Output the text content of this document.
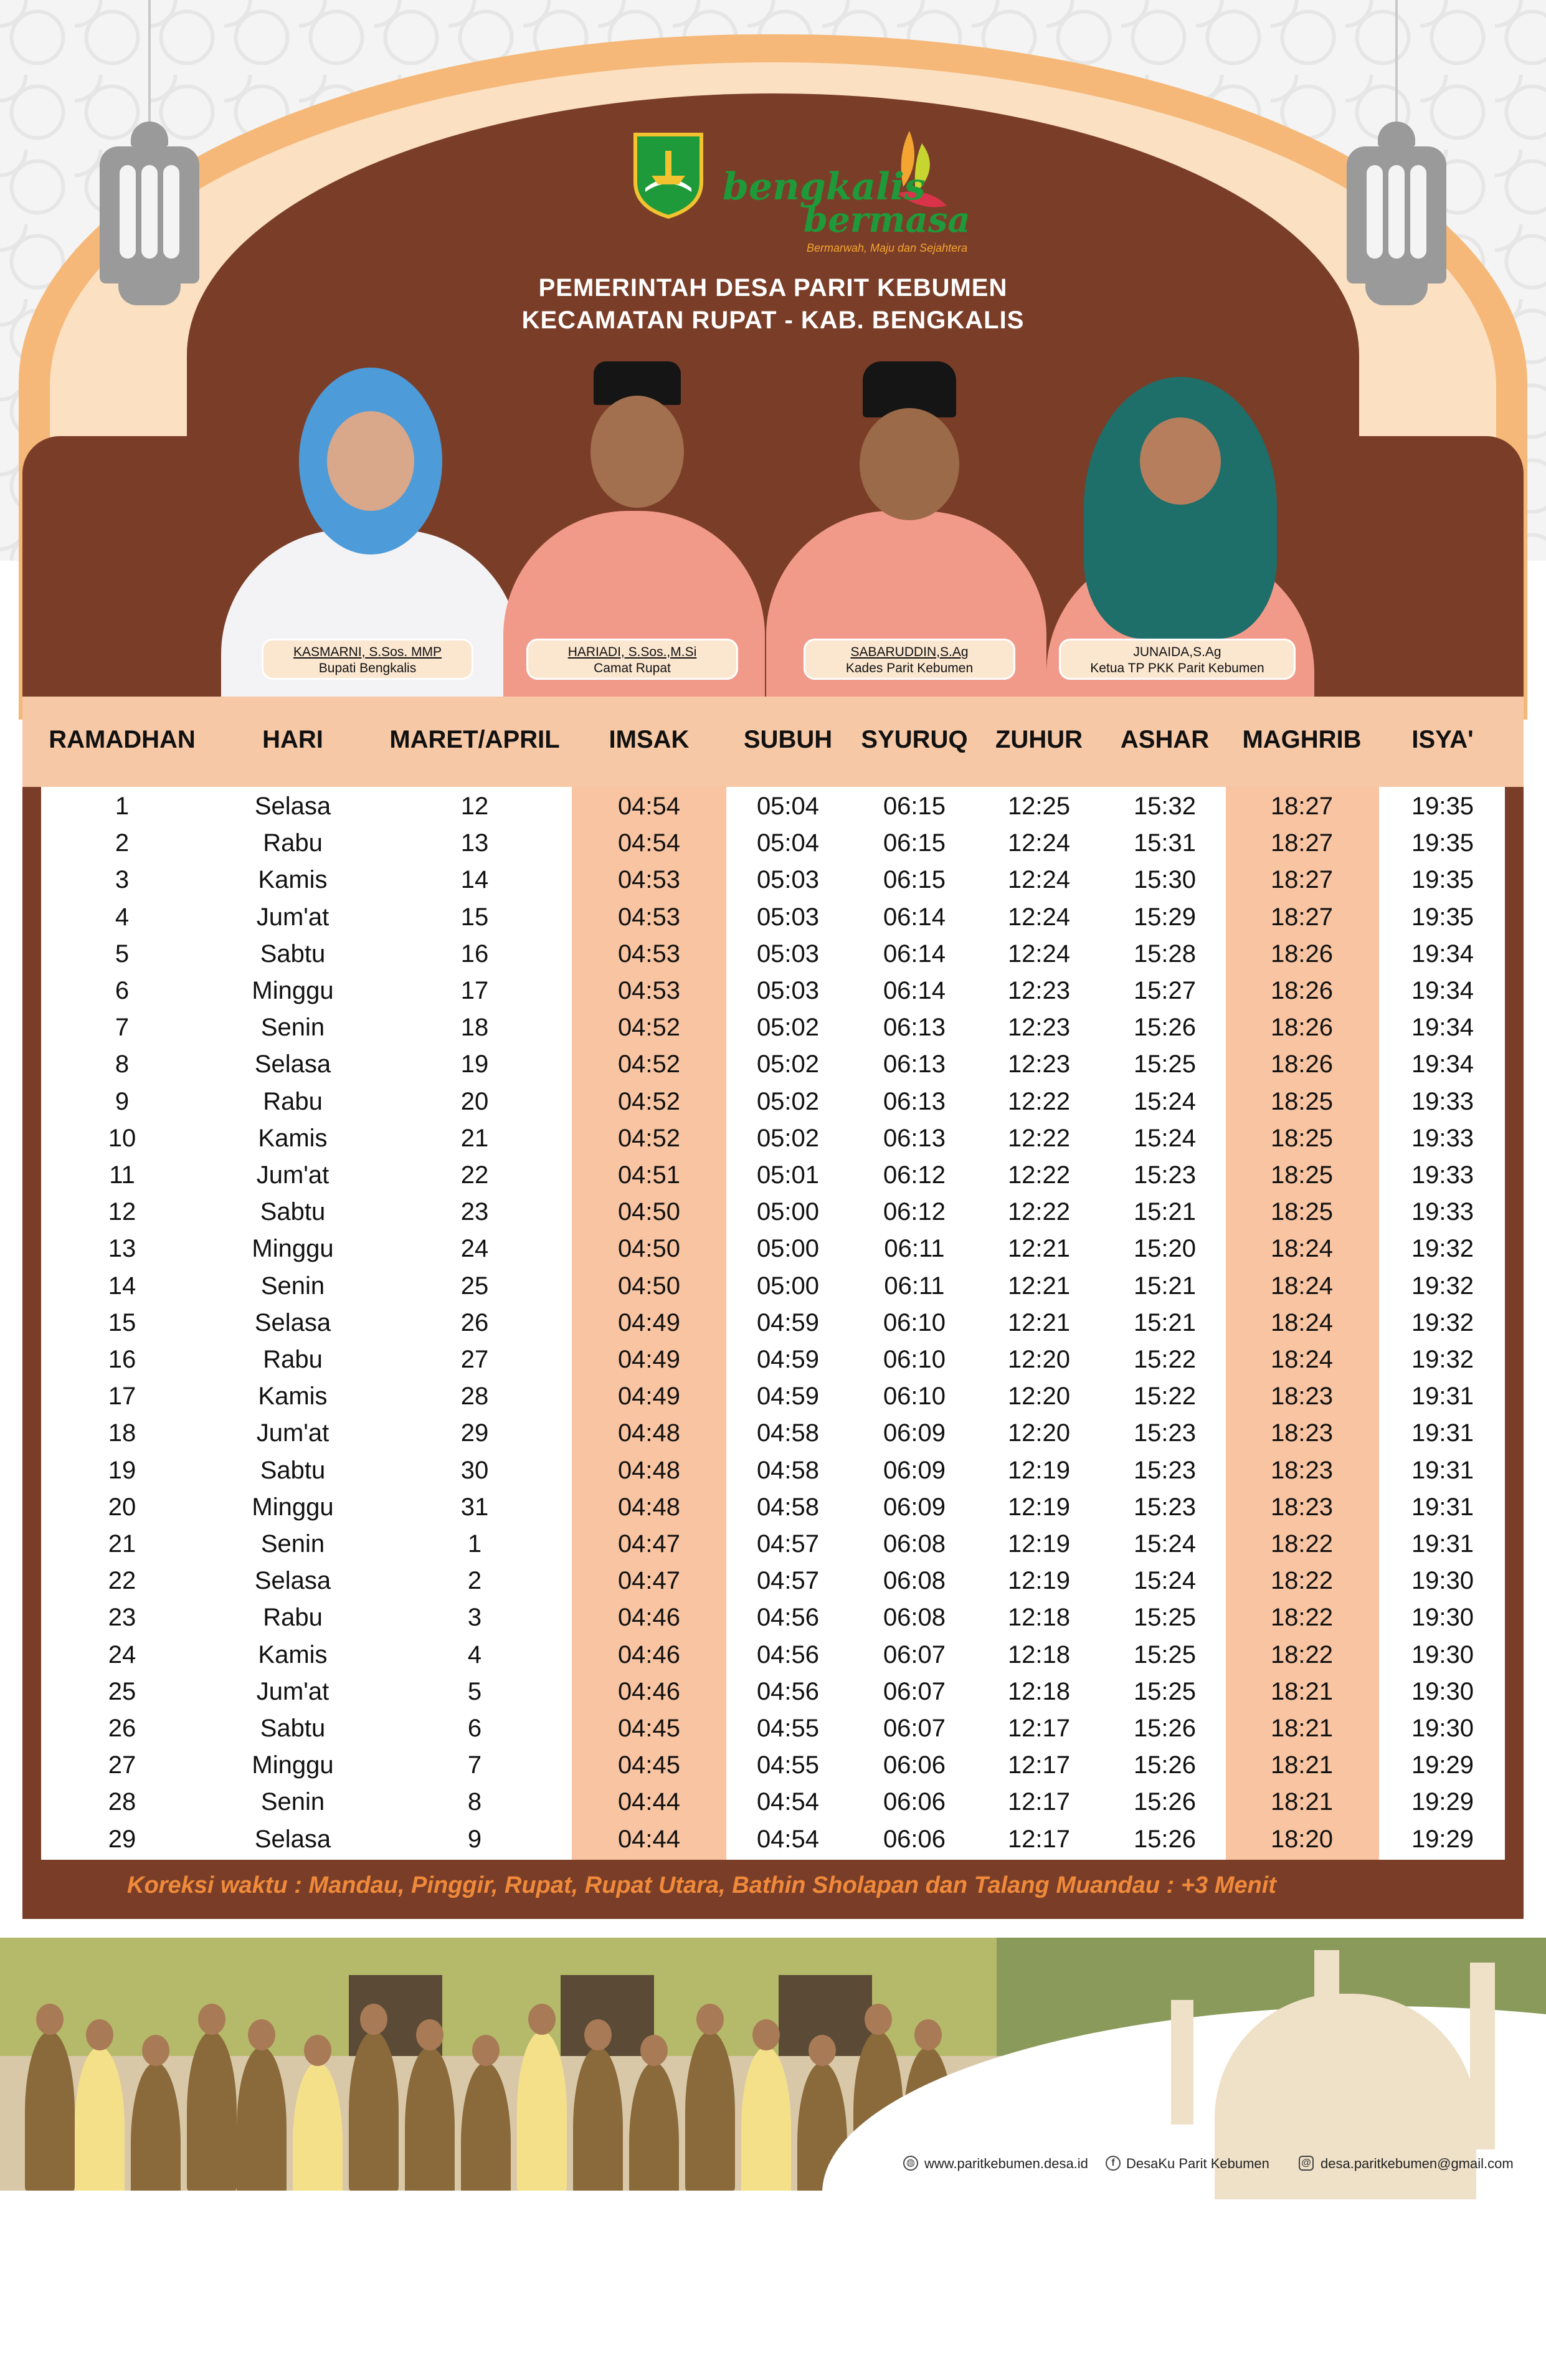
bengkalis
bermasa
Bermarwah, Maju dan Sejahtera
PEMERINTAH DESA PARIT KEBUMEN
KECAMATAN RUPAT - KAB. BENGKALIS
KASMARNI, S.Sos. MMP
Bupati Bengkalis
HARIADI, S.Sos.,M.Si
Camat Rupat
SABARUDDIN,S.Ag
Kades Parit Kebumen
JUNAIDA,S.Ag
Ketua TP PKK Parit Kebumen
RAMADHAN	HARI	MARET/APRIL	IMSAK	SUBUH	SYURUQ	ZUHUR	ASHAR	MAGHRIB	ISYA'
1	Selasa	12	04:54	05:04	06:15	12:25	15:32	18:27	19:35
2	Rabu	13	04:54	05:04	06:15	12:24	15:31	18:27	19:35
3	Kamis	14	04:53	05:03	06:15	12:24	15:30	18:27	19:35
4	Jum'at	15	04:53	05:03	06:14	12:24	15:29	18:27	19:35
5	Sabtu	16	04:53	05:03	06:14	12:24	15:28	18:26	19:34
6	Minggu	17	04:53	05:03	06:14	12:23	15:27	18:26	19:34
7	Senin	18	04:52	05:02	06:13	12:23	15:26	18:26	19:34
8	Selasa	19	04:52	05:02	06:13	12:23	15:25	18:26	19:34
9	Rabu	20	04:52	05:02	06:13	12:22	15:24	18:25	19:33
10	Kamis	21	04:52	05:02	06:13	12:22	15:24	18:25	19:33
11	Jum'at	22	04:51	05:01	06:12	12:22	15:23	18:25	19:33
12	Sabtu	23	04:50	05:00	06:12	12:22	15:21	18:25	19:33
13	Minggu	24	04:50	05:00	06:11	12:21	15:20	18:24	19:32
14	Senin	25	04:50	05:00	06:11	12:21	15:21	18:24	19:32
15	Selasa	26	04:49	04:59	06:10	12:21	15:21	18:24	19:32
16	Rabu	27	04:49	04:59	06:10	12:20	15:22	18:24	19:32
17	Kamis	28	04:49	04:59	06:10	12:20	15:22	18:23	19:31
18	Jum'at	29	04:48	04:58	06:09	12:20	15:23	18:23	19:31
19	Sabtu	30	04:48	04:58	06:09	12:19	15:23	18:23	19:31
20	Minggu	31	04:48	04:58	06:09	12:19	15:23	18:23	19:31
21	Senin	1	04:47	04:57	06:08	12:19	15:24	18:22	19:31
22	Selasa	2	04:47	04:57	06:08	12:19	15:24	18:22	19:30
23	Rabu	3	04:46	04:56	06:08	12:18	15:25	18:22	19:30
24	Kamis	4	04:46	04:56	06:07	12:18	15:25	18:22	19:30
25	Jum'at	5	04:46	04:56	06:07	12:18	15:25	18:21	19:30
26	Sabtu	6	04:45	04:55	06:07	12:17	15:26	18:21	19:30
27	Minggu	7	04:45	04:55	06:06	12:17	15:26	18:21	19:29
28	Senin	8	04:44	04:54	06:06	12:17	15:26	18:21	19:29
29	Selasa	9	04:44	04:54	06:06	12:17	15:26	18:20	19:29
Koreksi waktu : Mandau, Pinggir, Rupat, Rupat Utara, Bathin Sholapan dan Talang Muandau : +3 Menit
◍ www.paritkebumen.desa.id	f DesaKu Parit Kebumen	@ desa.paritkebumen@gmail.com
